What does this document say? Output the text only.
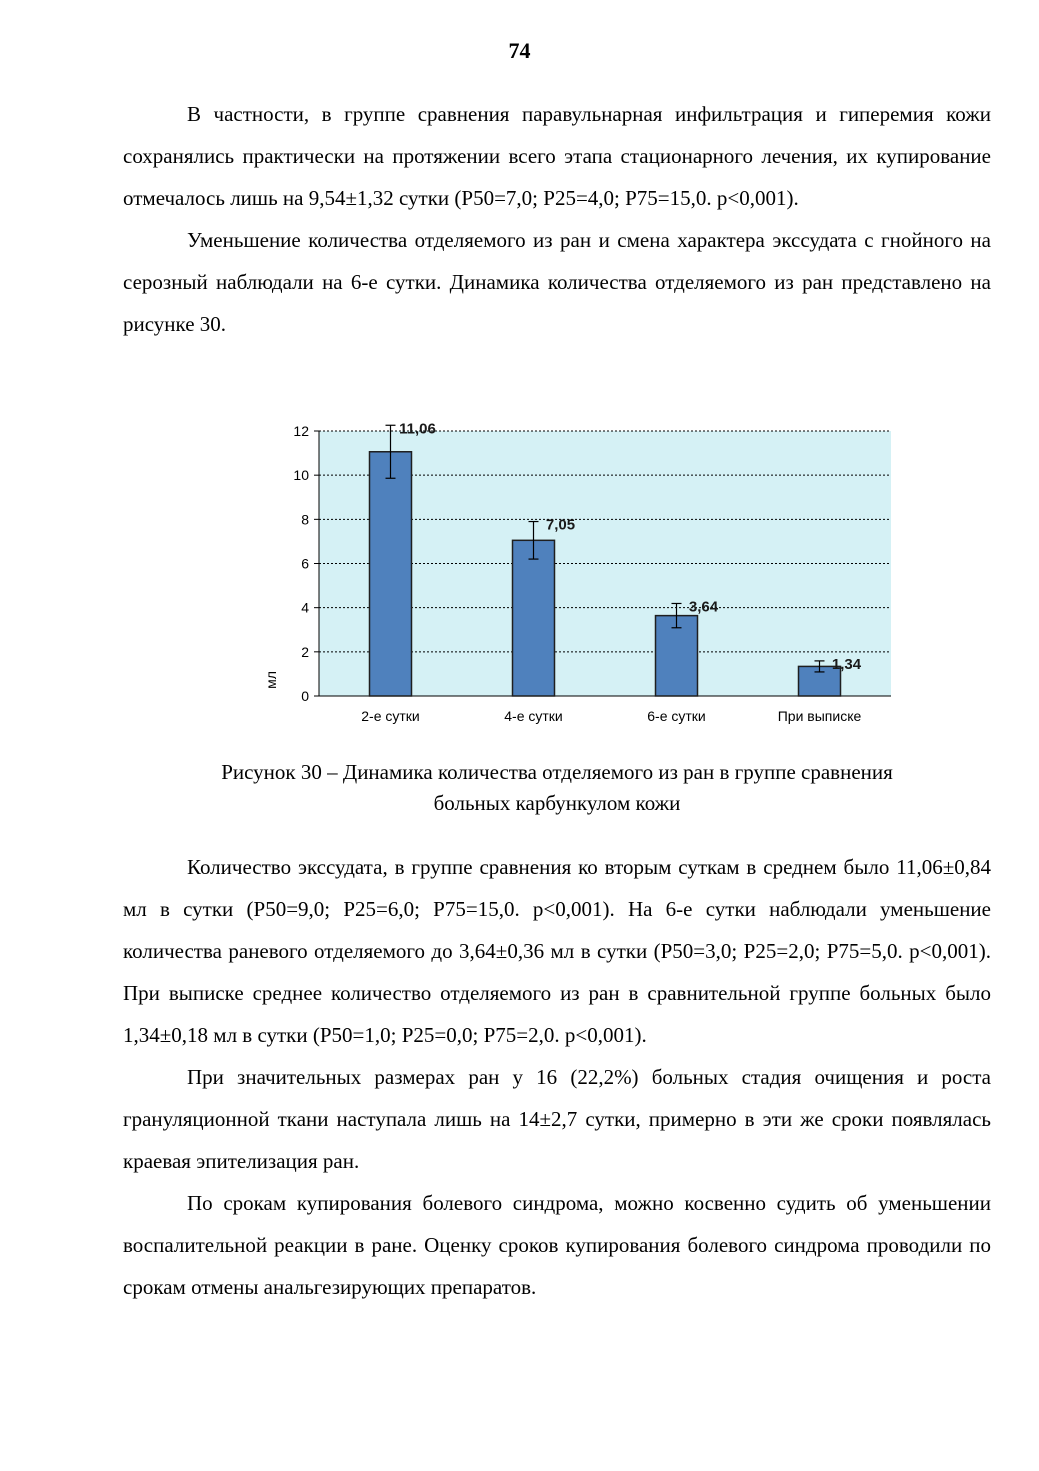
74

В частности, в группе сравнения паравульнарная инфильтрация и гиперемия кожи сохранялись практически на протяжении всего этапа стационарного лечения, их купирование отмечалось лишь на 9,54±1,32 сутки (Р50=7,0; Р25=4,0; Р75=15,0. p<0,001).

Уменьшение количества отделяемого из ран и смена характера экссудата с гнойного на серозный наблюдали на 6-е сутки. Динамика количества отделяемого из ран представлено на рисунке 30.

0
2
4
6
8
10
12	11,06
2-е сутки
7,05
4-е сутки
3,64
6-е сутки
1,34
При выписке
мл
Рисунок 30 – Динамика количества отделяемого из ран в группе сравнения
больных карбункулом кожи

Количество экссудата, в группе сравнения ко вторым суткам в среднем было 11,06±0,84 мл в сутки (Р50=9,0; Р25=6,0; Р75=15,0. p<0,001). На 6-е сутки наблюдали уменьшение количества раневого отделяемого до 3,64±0,36 мл в сутки (Р50=3,0; Р25=2,0; Р75=5,0. p<0,001). При выписке среднее количество отделяемого из ран в сравнительной группе больных было 1,34±0,18 мл в сутки (Р50=1,0; Р25=0,0; Р75=2,0. p<0,001).

При значительных размерах ран у 16 (22,2%) больных стадия очищения и роста грануляционной ткани наступала лишь на 14±2,7 сутки, примерно в эти же сроки появлялась краевая эпителизация ран.

По срокам купирования болевого синдрома, можно косвенно судить об уменьшении воспалительной реакции в ране. Оценку сроков купирования болевого синдрома проводили по срокам отмены анальгезирующих препаратов.
